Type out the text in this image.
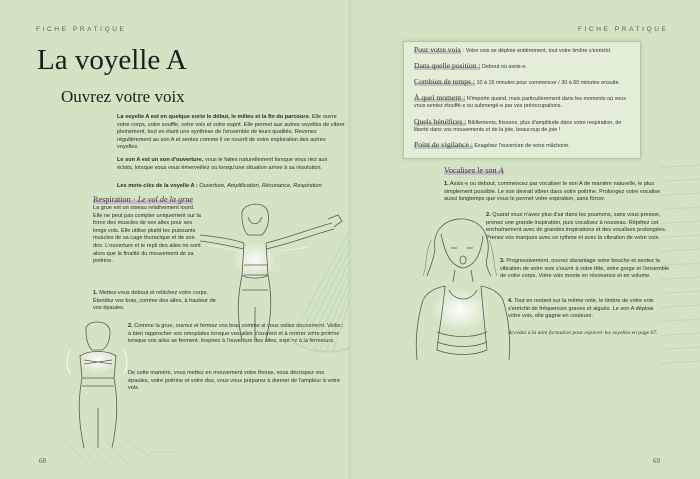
FICHE PRATIQUE
La voyelle A
Ouvrez votre voix
La voyelle A est en quelque sorte le début, le milieu et la fin du parcours. Elle ouvre votre corps, votre souffle, votre voix et votre esprit. Elle permet aux autres voyelles de vibrer pleinement, tout en étant une synthèse de l'ensemble de leurs qualités. Revenez régulièrement au son A et sentez comme il se nourrit de votre exploration des autres voyelles.
Le son A est un son d'ouverture, vous le faites naturellement lorsque vous riez aux éclats, lorsque vous vous émerveillez ou lorsqu'une situation arrive à sa résolution.
Les mots-clés de la voyelle A : Ouverture, Amplification, Résonance, Respiration
Respiration · Le vol de la grue
La grue est un oiseau relativement lourd. Elle ne peut pas compter uniquement sur la force des muscles de ses ailes pour ses longs vols. Elle utilise plutôt les puissants muscles de sa cage thoracique et de son dos. L'ouverture et le repli des ailes ne sont alors que la finalité du mouvement de sa poitrine.
1. Mettez-vous debout et relâchez votre corps. Étendez vos bras, comme des ailes, à hauteur de vos épaules.
2. Comme la grue, ouvrez et fermez vos bras comme si vous voliez doucement. Veillez à bien rapprocher vos omoplates lorsque vos ailes s'ouvrent et à rentrer votre poitrine lorsque vos ailes se ferment. Inspirez à l'ouverture des ailes, expirez à la fermeture.
De cette manière, vous mettez en mouvement votre thorax, vous décrispez vos épaules, votre poitrine et votre dos, vous vous préparez à donner de l'ampleur à votre voix.
68
FICHE PRATIQUE
69
Pour votre voix : Votre voix se déploie entièrement, tout votre timbre s'enrichit.
Dans quelle position : Debout ou assis·e.
Combien de temps : 10 à 15 minutes pour commencer / 30 à 60 minutes ensuite.
À quel moment : N'importe quand, mais particulièrement dans les moments où vous vous sentez étouffé·e ou submergé·e par vos préoccupations.
Quels bénéfices : Bâillements, frissons, plus d'amplitude dans votre respiration, de liberté dans vos mouvements et de la joie, beaucoup de joie !
Point de vigilance : Exagérez l'ouverture de votre mâchoire.
Vocalisez le son A
1. Assis·e ou debout, commencez par vocaliser le son A de manière naturelle, le plus simplement possible. Le son devrait vibrer dans votre poitrine. Prolongez votre vocalise aussi longtemps que vous le permet votre expiration, sans forcer.
2. Quand vous n'avez plus d'air dans les poumons, sans vous presser, prenez une grande inspiration, puis vocalisez à nouveau. Répétez cet enchaînement avec de grandes inspirations et des vocalises prolongées. Prenez vos marques avec ce rythme et avec la vibration de votre voix.
3. Progressivement, ouvrez davantage votre bouche et sentez la vibration de votre voix s'ouvrir à votre tête, votre gorge et l'ensemble de votre corps. Votre voix monte en résonance et en volume.
4. Tout en restant sur la même note, le timbre de votre voix s'enrichit de fréquences graves et aiguës. Le son A déploie votre voix, elle gagne en couleurs.
Accédez à la mini formation pour explorer les voyelles en page 67.
